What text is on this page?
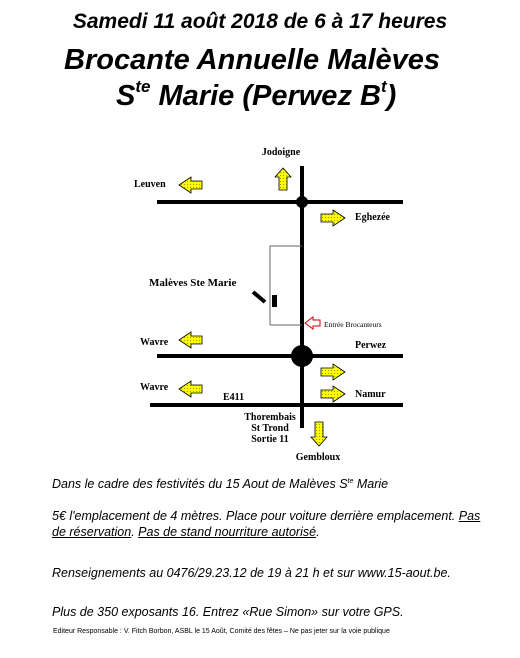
Samedi 11 août 2018 de 6 à 17 heures
Brocante Annuelle Malèves
$S^{te}$ Marie (Perwez $B^t$)
Jodoigne
Leuven
Eghezée
Malèves Ste Marie
Entrée Brocanteurs
Wavre	Perwez
Wavre
E411	Namur
Thorembais
St Trond
Sortie 11
Gembloux
Dans le cadre des festivités du 15 Aout de Malèves $S^{te}$ Marie
5€ l'emplacement de 4 mètres. Place pour voiture derrière emplacement. Pas de réservation. Pas de stand nourriture autorisé.
Renseignements au 0476/29.23.12 de 19 à 21 h et sur www.15-aout.be.
Plus de 350 exposants 16. Entrez «Rue Simon» sur votre GPS.
Editeur Responsable : V. Fitch Borbon, ASBL le 15 Août, Comité des fêtes – Ne pas jeter sur la voie publique
